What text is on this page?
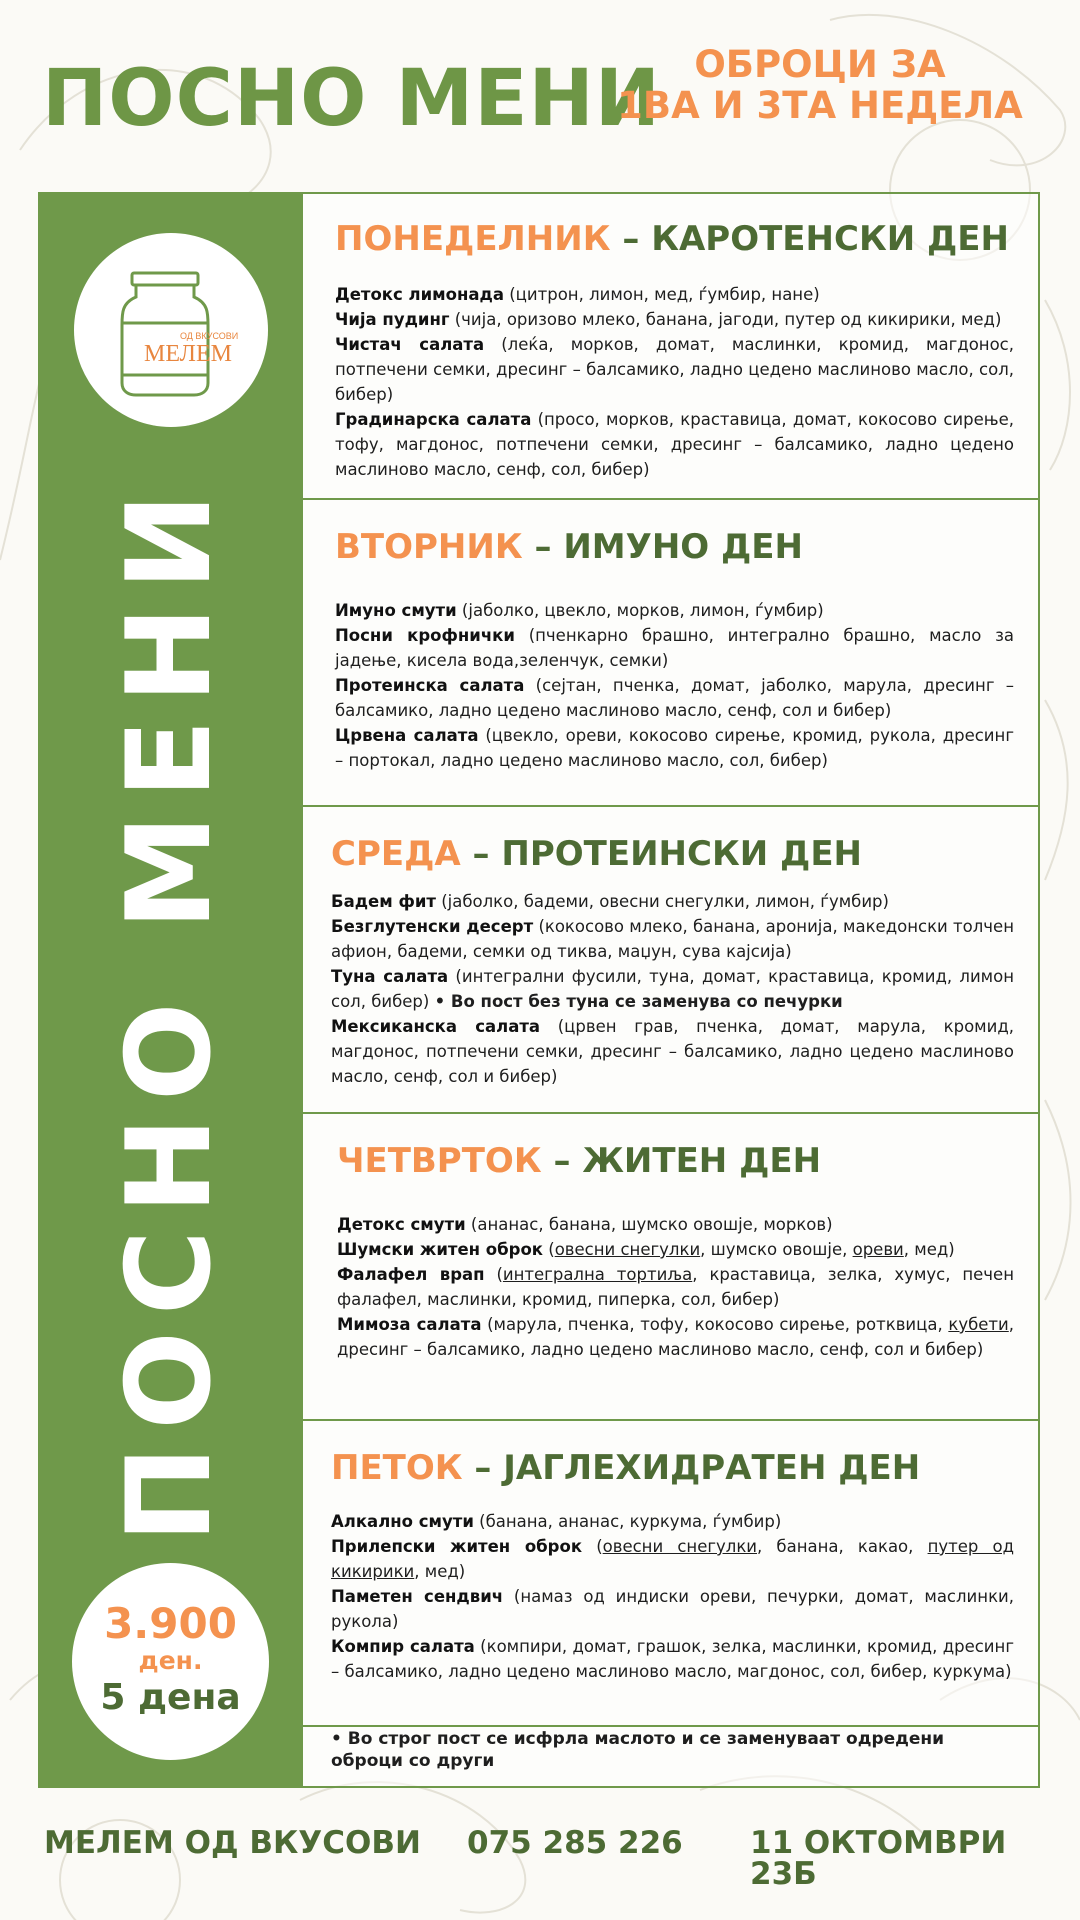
ПОСНО МЕНИ ОБРОЦИ ЗА
1ВА И 3ТА НЕДЕЛА
ОД ВКУСОВИ
МЕЛЕМ
ПОСНО МЕНИ
3.900
ден.
5 дена
ПОНЕДЕЛНИК – КАРОТЕНСКИ ДЕН
Детокс лимонада (цитрон, лимон, мед, ѓумбир, нане)
Чија пудинг (чија, оризово млеко, банана, јагоди, путер од кикирики, мед)
Чистач салата (леќа, морков, домат, маслинки, кромид, магдонос, потпечени семки, дресинг – балсамико, ладно цедено маслиново масло, сол, бибер)
Градинарска салата (просо, морков, краставица, домат, кокосово сирење, тофу, магдонос, потпечени семки, дресинг – балсамико, ладно цедено маслиново масло, сенф, сол, бибер)
ВТОРНИК – ИМУНО ДЕН
Имуно смути (јаболко, цвекло, морков, лимон, ѓумбир)
Посни крофнички (пченкарно брашно, интегрално брашно, масло за јадење, кисела вода,зеленчук, семки)
Протеинска салата (сејтан, пченка, домат, јаболко, марула, дресинг – балсамико, ладно цедено маслиново масло, сенф, сол и бибер)
Црвена салата (цвекло, ореви, кокосово сирење, кромид, рукола, дресинг – портокал, ладно цедено маслиново масло, сол, бибер)
СРЕДА – ПРОТЕИНСКИ ДЕН
Бадем фит (јаболко, бадеми, овесни снегулки, лимон, ѓумбир)
Безглутенски десерт (кокосово млеко, банана, аронија, македонски толчен афион, бадеми, семки од тиква, маџун, сува кајсија)
Туна салата (интегрални фусили, туна, домат, краставица, кромид, лимон сол, бибер) • Во пост без туна се заменува со печурки
Мексиканска салата (црвен грав, пченка, домат, марула, кромид, магдонос, потпечени семки, дресинг – балсамико, ладно цедено маслиново масло, сенф, сол и бибер)
ЧЕТВРТОК – ЖИТЕН ДЕН
Детокс смути (ананас, банана, шумско овошје, морков)
Шумски житен оброк (овесни снегулки, шумско овошје, ореви, мед)
Фалафел врап (интегрална тортиља, краставица, зелка, хумус, печен фалафел, маслинки, кромид, пиперка, сол, бибер)
Мимоза салата (марула, пченка, тофу, кокосово сирење, ротквица, кубети, дресинг – балсамико, ладно цедено маслиново масло, сенф, сол и бибер)
ПЕТОК – ЈАГЛЕХИДРАТЕН ДЕН
Алкално смути (банана, ананас, куркума, ѓумбир)
Прилепски житен оброк (овесни снегулки, банана, какао, путер од кикирики, мед)
Паметен сендвич (намаз од индиски ореви, печурки, домат, маслинки, рукола)
Компир салата (компири, домат, грашок, зелка, маслинки, кромид, дресинг – балсамико, ладно цедено маслиново масло, магдонос, сол, бибер, куркума)
• Во строг пост се исфрла маслото и се заменуваат одредени оброци со други
МЕЛЕМ ОД ВКУСОВИ 075 285 226 11 ОКТОМВРИ 23Б
